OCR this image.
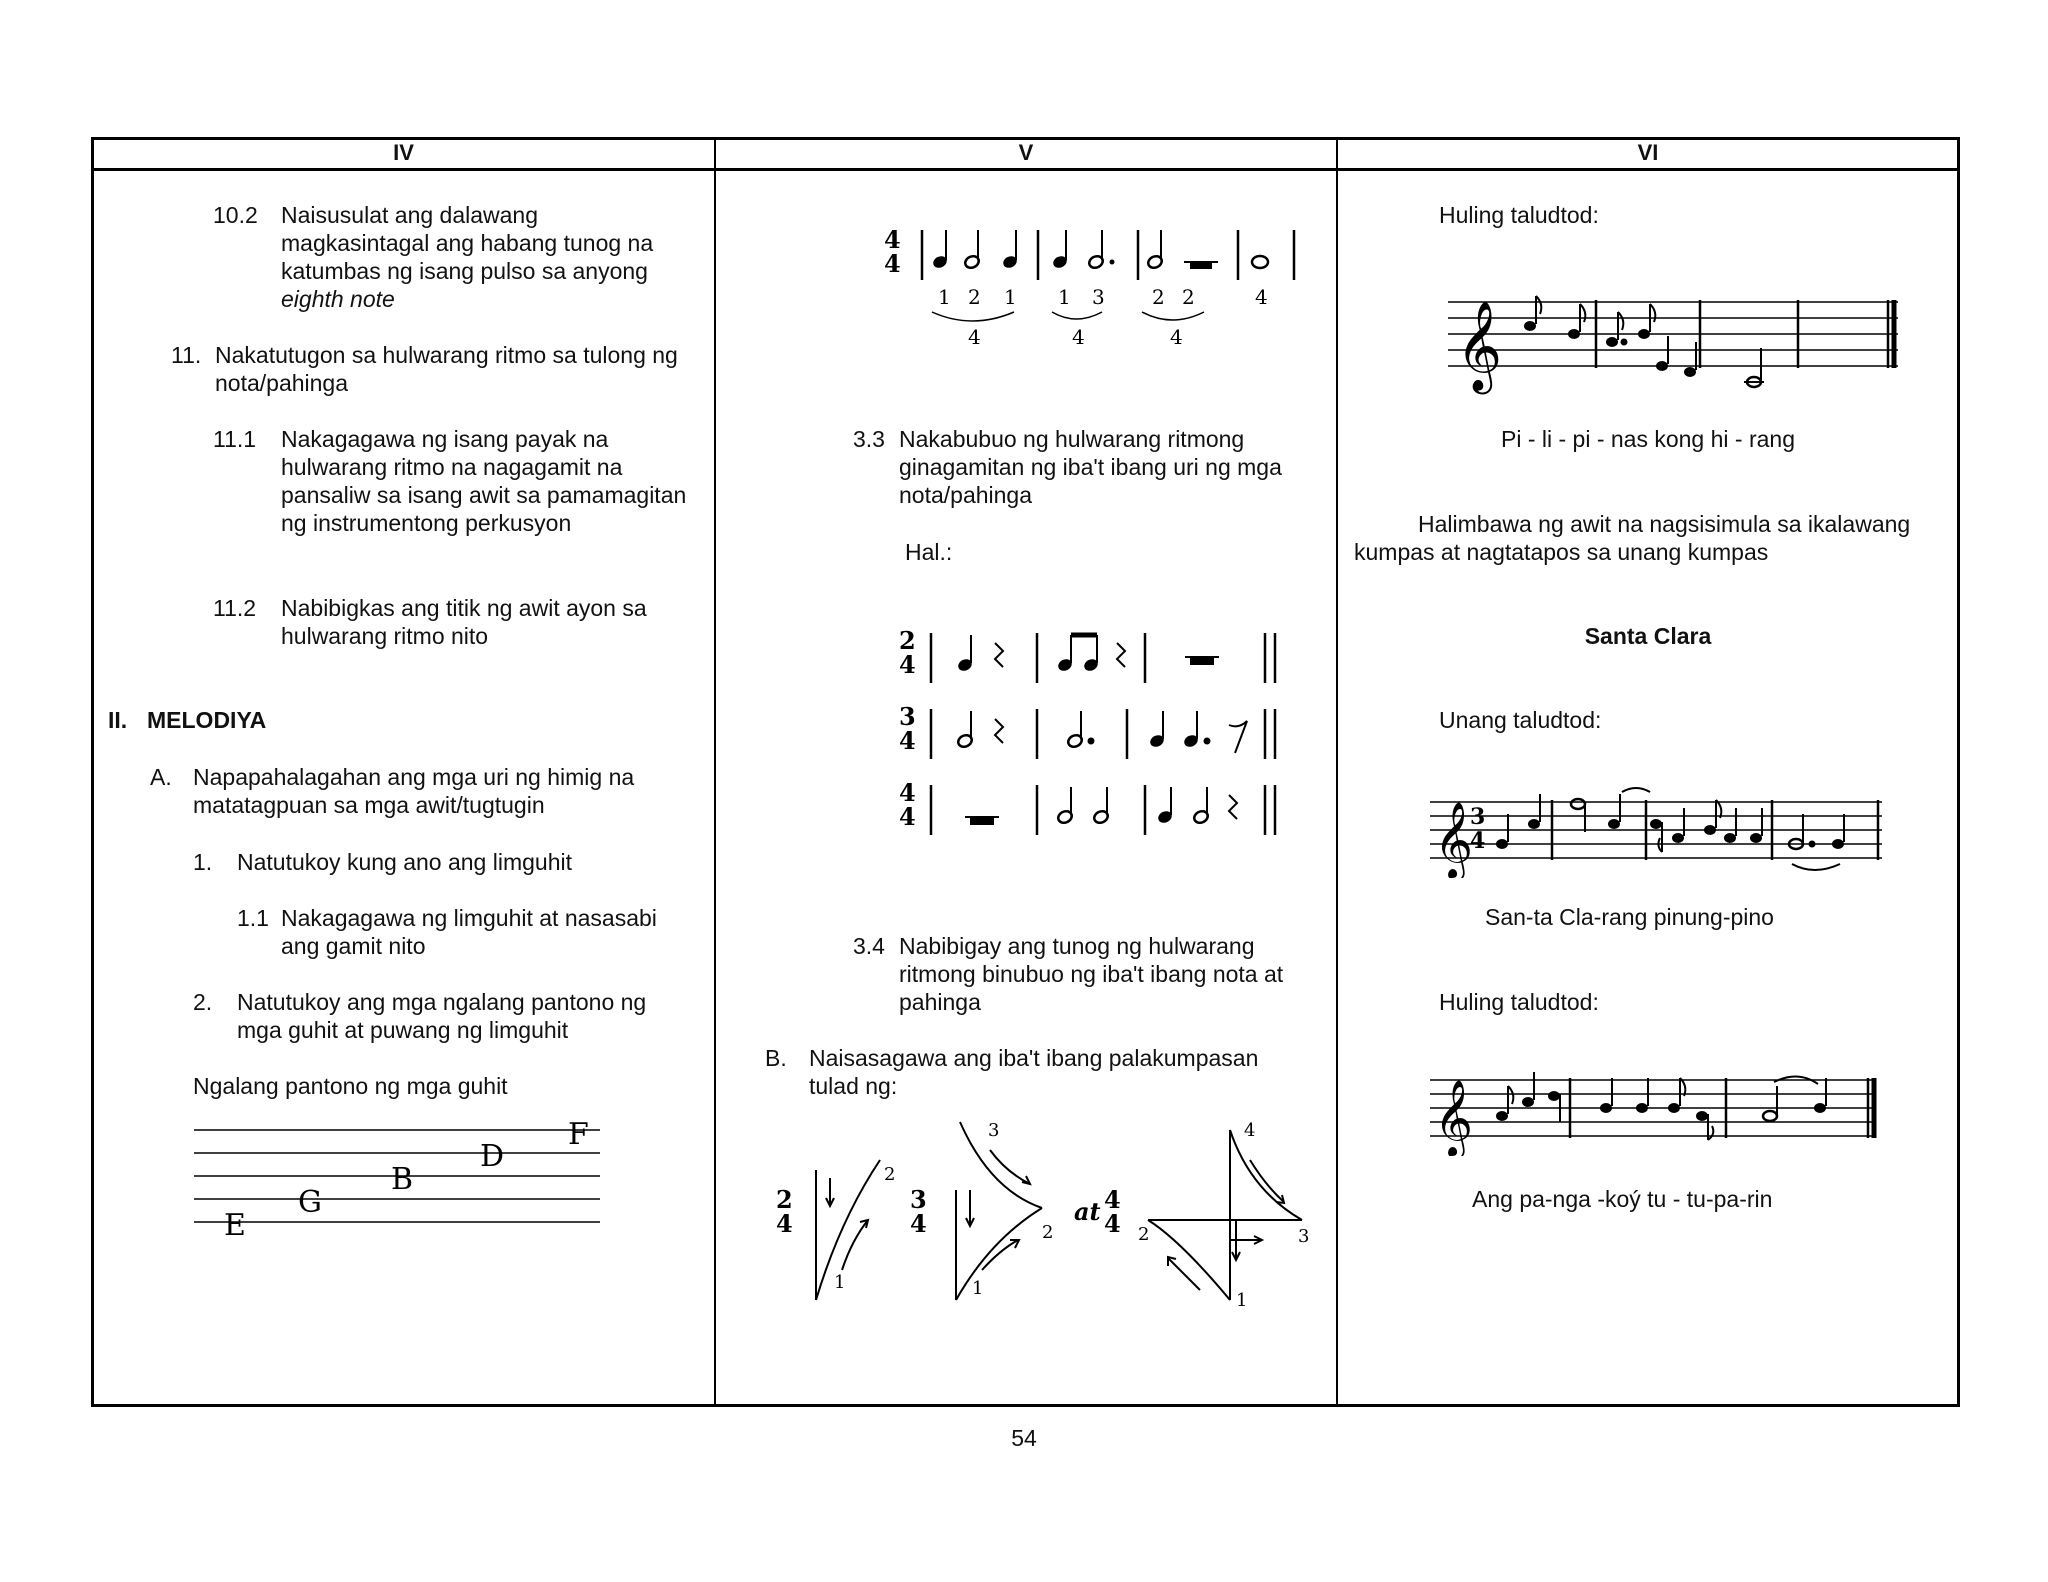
IV	V	VI
10.2 Naisusulat ang dalawang magkasintagal ang habang tunog na katumbas ng isang pulso sa anyong eighth note
11. Nakatutugon sa hulwarang ritmo sa tulong ng nota/pahinga
11.1 Nakagagawa ng isang payak na hulwarang ritmo na nagagamit na pansaliw sa isang awit sa pamamagitan ng instrumentong perkusyon
11.2 Nabibigkas ang titik ng awit ayon sa hulwarang ritmo nito
II. MELODIYA
A. Napapahalagahan ang mga uri ng himig na matatagpuan sa mga awit/tugtugin
1. Natutukoy kung ano ang limguhit
1.1 Nakagagawa ng limguhit at nasasabi ang gamit nito
2. Natutukoy ang mga ngalang pantono ng mga guhit at puwang ng limguhit
Ngalang pantono ng mga guhit
E
G
B
D
F
4
4
1 2 1 1 3 2 2	4
4	4	4
3.3 Nakabubuo ng hulwarang ritmong ginagamitan ng iba't ibang uri ng mga nota/pahinga
Hal.:
2
4
3
4
4
4
3.4 Nabibigay ang tunog ng hulwarang ritmong binubuo ng iba't ibang nota at pahinga
B. Naisasagawa ang iba't ibang palakumpasan tulad ng:
2
4
3
4	at 4
4
1
2
1
2
3
1
2	3
4
Huling taludtod:
𝄞
Pi - li - pi - nas kong hi - rang
Halimbawa ng awit na nagsisimula sa ikalawang kumpas at nagtatapos sa unang kumpas
Santa Clara
Unang taludtod:
𝄞
3
4
San-ta Cla-rang pinung-pino
Huling taludtod:
𝄞
Ang pa-nga -koý tu - tu-pa-rin
54
